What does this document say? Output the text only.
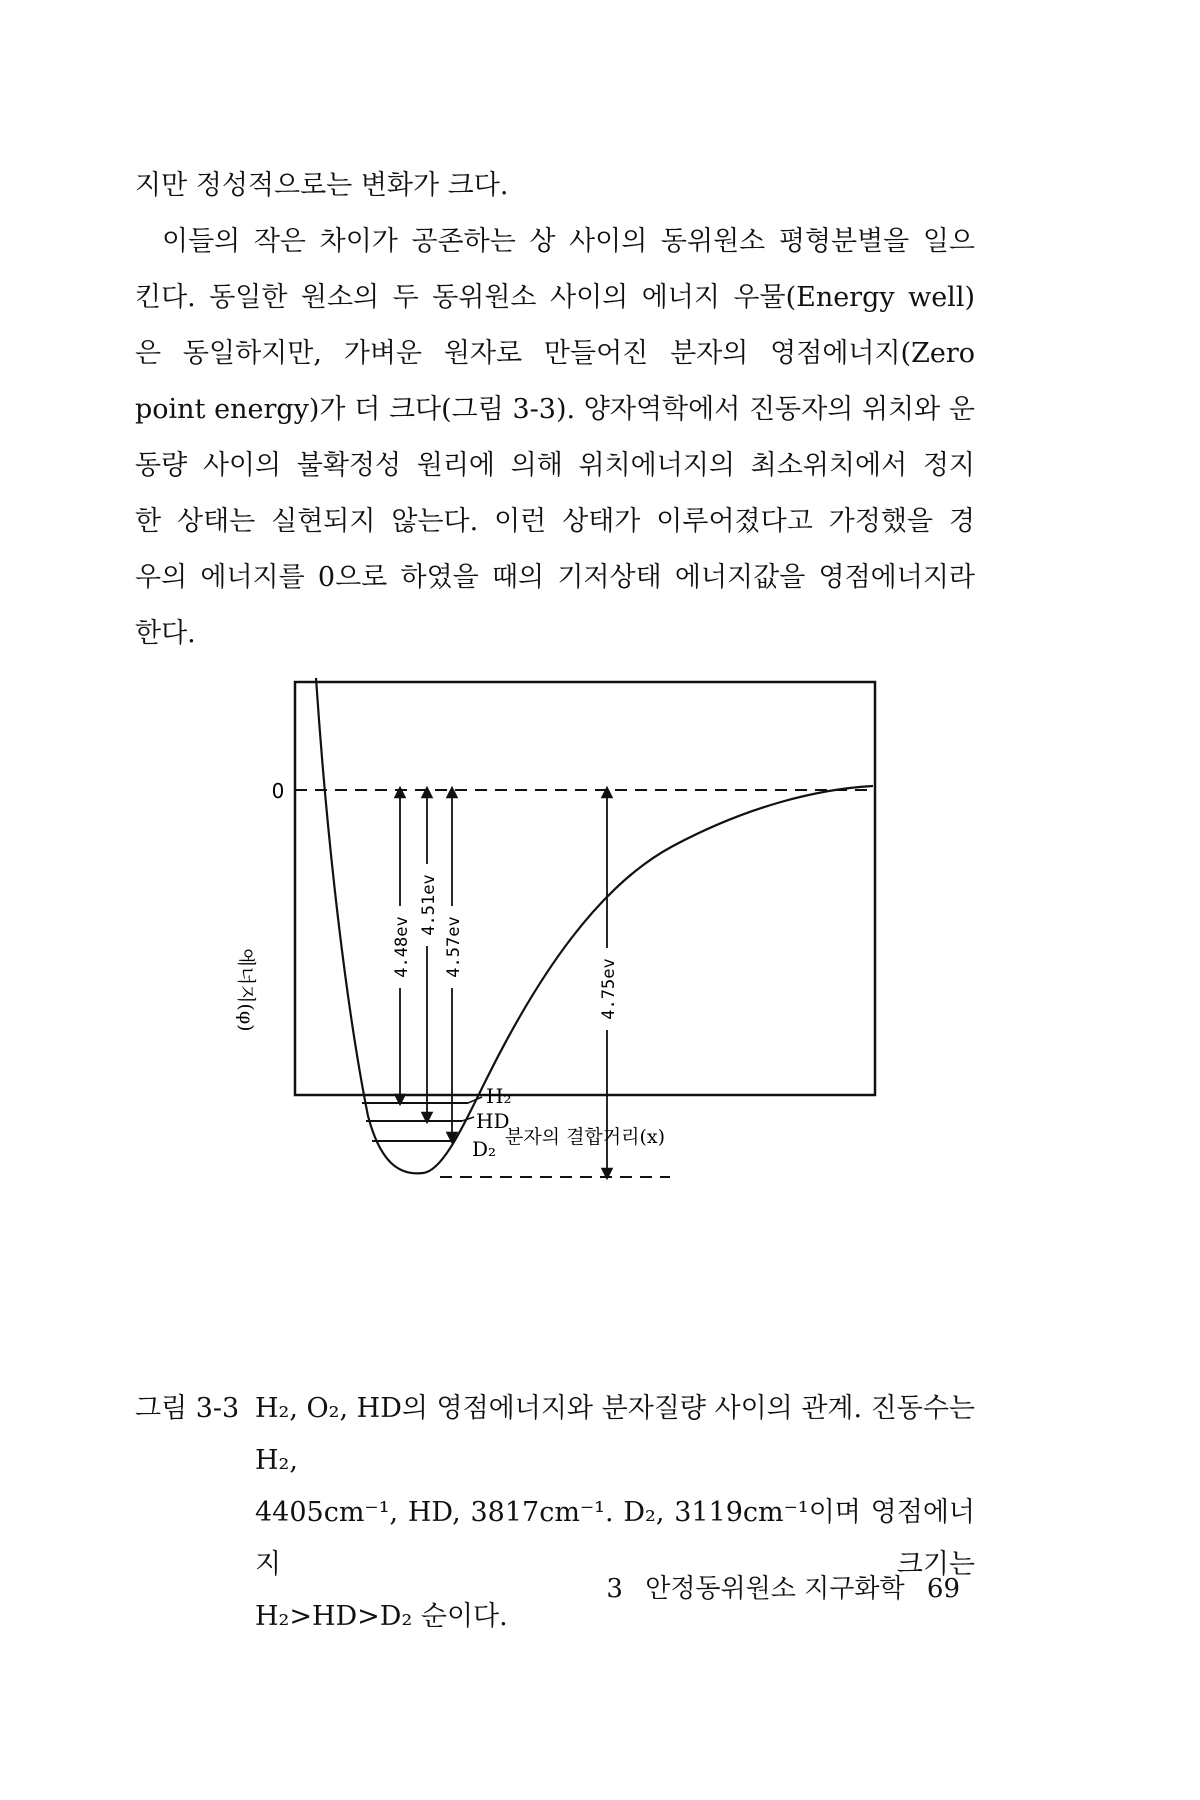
지만 정성적으로는 변화가 크다.

이들의 작은 차이가 공존하는 상 사이의 동위원소 평형분별을 일으

킨다. 동일한 원소의 두 동위원소 사이의 에너지 우물(Energy well)

은 동일하지만, 가벼운 원자로 만들어진 분자의 영점에너지(Zero

point energy)가 더 크다(그림 3-3). 양자역학에서 진동자의 위치와 운

동량 사이의 불확정성 원리에 의해 위치에너지의 최소위치에서 정지

한 상태는 실현되지 않는다. 이런 상태가 이루어졌다고 가정했을 경

우의 에너지를 0으로 하였을 때의 기저상태 에너지값을 영점에너지라

한다.

0
H₂
HD
D₂
4.48ev
4.51ev
4.57ev
4.75ev
에너지(φ)
분자의 결합거리(x)
그림 3-3 H₂, O₂, HD의 영점에너지와 분자질량 사이의 관계. 진동수는 H₂,

4405cm⁻¹, HD, 3817cm⁻¹. D₂, 3119cm⁻¹이며 영점에너지 크기는

H₂>HD>D₂ 순이다.

3 안정동위원소 지구화학 69
